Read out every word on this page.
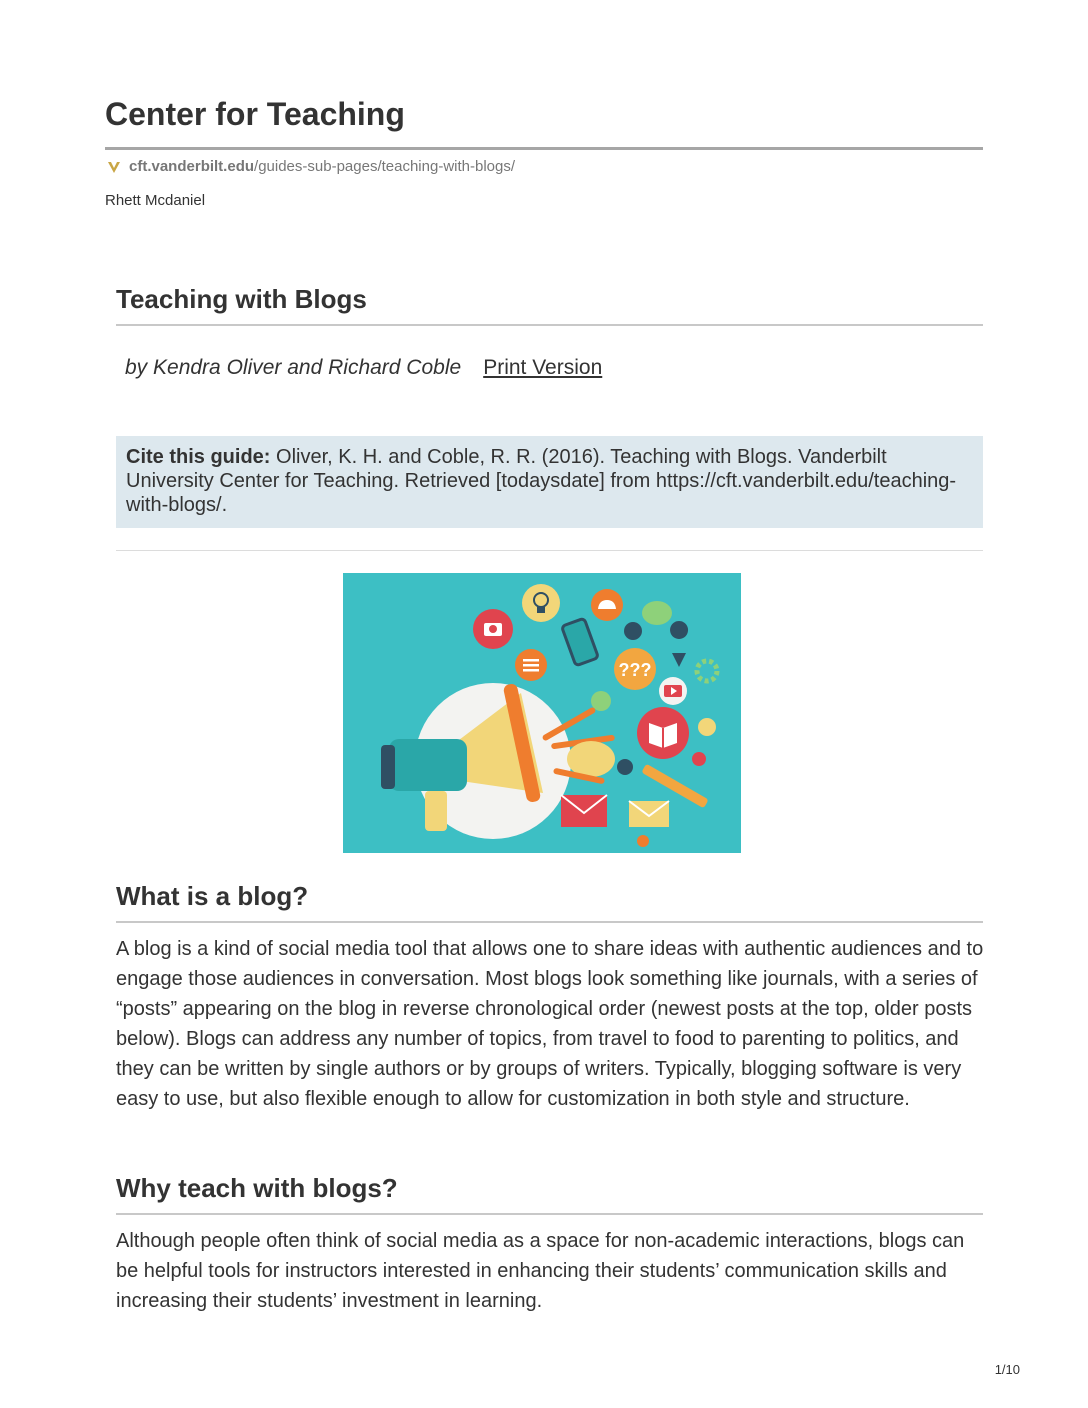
Center for Teaching
cft.vanderbilt.edu/guides-sub-pages/teaching-with-blogs/
Rhett Mcdaniel
Teaching with Blogs
by Kendra Oliver and Richard Coble Print Version
Cite this guide: Oliver, K. H. and Coble, R. R. (2016). Teaching with Blogs. Vanderbilt University Center for Teaching. Retrieved [todaysdate] from https://cft.vanderbilt.edu/teaching-with-blogs/.
???
What is a blog?

A blog is a kind of social media tool that allows one to share ideas with authentic audiences and to engage those audiences in conversation. Most blogs look something like journals, with a series of “posts” appearing on the blog in reverse chronological order (newest posts at the top, older posts below). Blogs can address any number of topics, from travel to food to parenting to politics, and they can be written by single authors or by groups of writers. Typically, blogging software is very easy to use, but also flexible enough to allow for customization in both style and structure.

Why teach with blogs?

Although people often think of social media as a space for non-academic interactions, blogs can be helpful tools for instructors interested in enhancing their students’ communication skills and increasing their students’ investment in learning.

1/10
